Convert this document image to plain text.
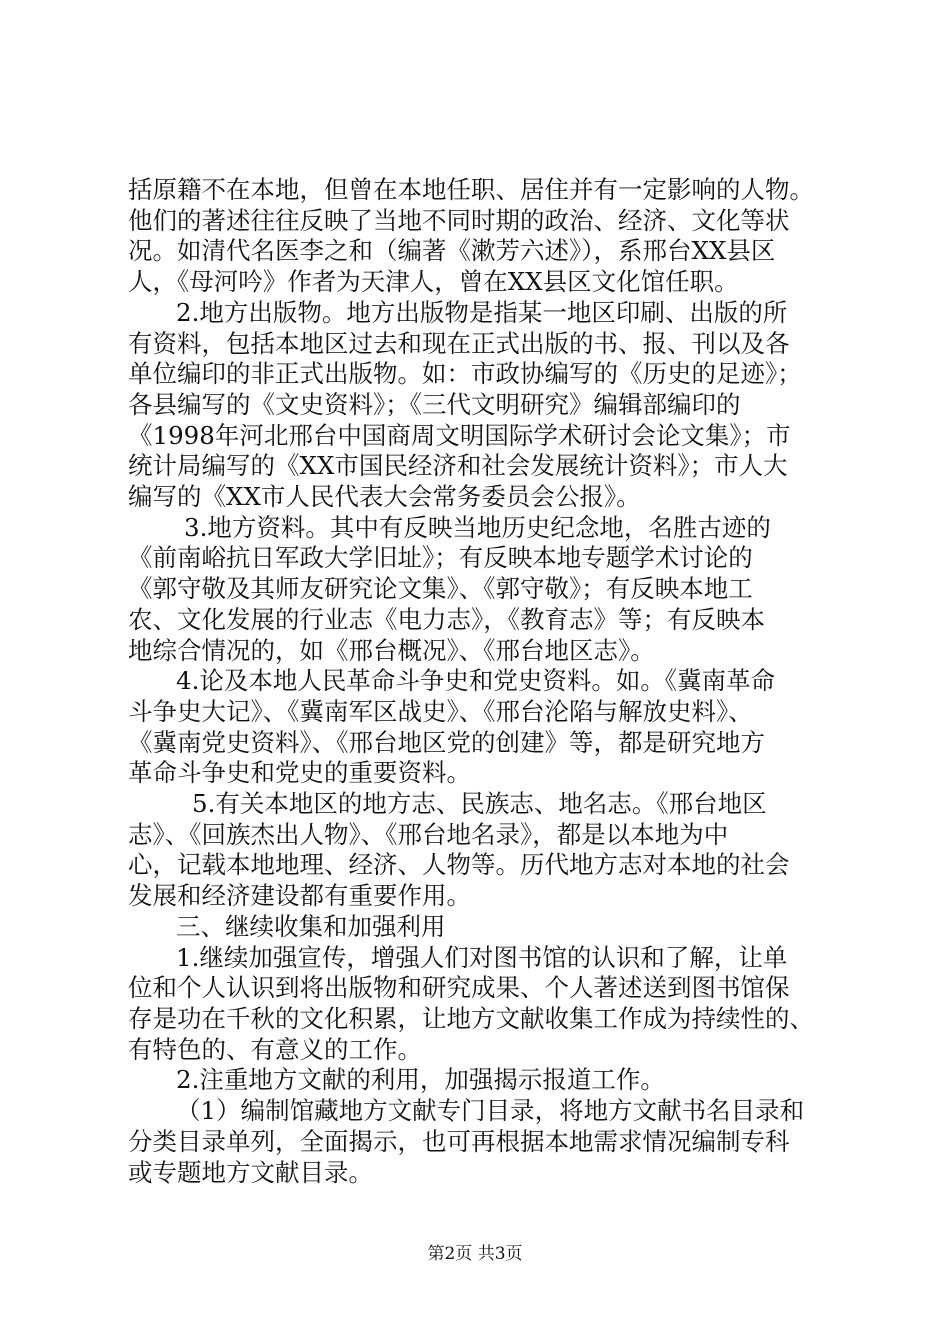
括原籍不在本地，但曾在本地任职、居住并有一定影响的人物。

他们的著述往往反映了当地不同时期的政治、经济、文化等状

况。如清代名医李之和（编著《漱芳六述》），系邢台XX县区

人，《母河吟》作者为天津人，曾在XX县区文化馆任职。

2.地方出版物。地方出版物是指某一地区印刷、出版的所

有资料，包括本地区过去和现在正式出版的书、报、刊以及各

单位编印的非正式出版物。如：市政协编写的《历史的足迹》；

各县编写的《文史资料》；《三代文明研究》编辑部编印的

《1998年河北邢台中国商周文明国际学术研讨会论文集》；市

统计局编写的《XX市国民经济和社会发展统计资料》；市人大

编写的《XX市人民代表大会常务委员会公报》。

3.地方资料。其中有反映当地历史纪念地，名胜古迹的

《前南峪抗日军政大学旧址》；有反映本地专题学术讨论的

《郭守敬及其师友研究论文集》、《郭守敬》；有反映本地工

农、文化发展的行业志《电力志》，《教育志》等；有反映本

地综合情况的，如《邢台概况》、《邢台地区志》。

4.论及本地人民革命斗争史和党史资料。如。《冀南革命

斗争史大记》、《冀南军区战史》、《邢台沦陷与解放史料》、

《冀南党史资料》、《邢台地区党的创建》等，都是研究地方

革命斗争史和党史的重要资料。

5.有关本地区的地方志、民族志、地名志。《邢台地区

志》、《回族杰出人物》、《邢台地名录》，都是以本地为中

心，记载本地地理、经济、人物等。历代地方志对本地的社会

发展和经济建设都有重要作用。

三、继续收集和加强利用

1.继续加强宣传，增强人们对图书馆的认识和了解，让单

位和个人认识到将出版物和研究成果、个人著述送到图书馆保

存是功在千秋的文化积累，让地方文献收集工作成为持续性的、

有特色的、有意义的工作。

2.注重地方文献的利用，加强揭示报道工作。

（1）编制馆藏地方文献专门目录，将地方文献书名目录和

分类目录单列，全面揭示，也可再根据本地需求情况编制专科

或专题地方文献目录。

第2页 共3页
